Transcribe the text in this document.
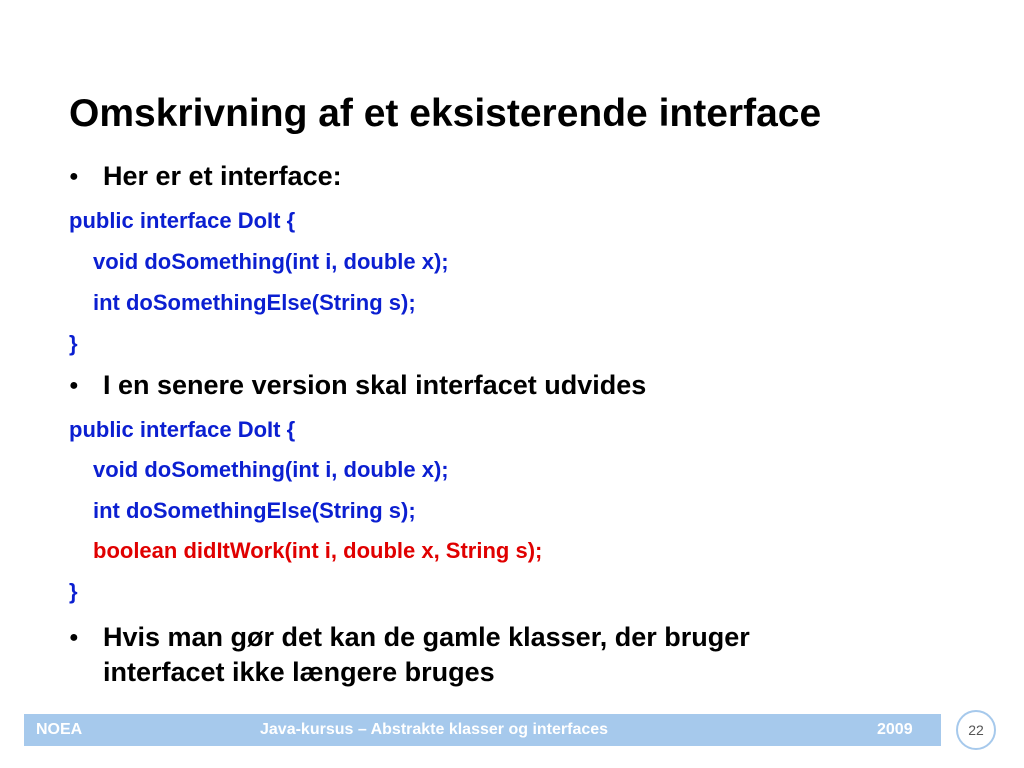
Omskrivning af et eksisterende interface
● Her er et interface:
public interface DoIt {
void doSomething(int i, double x);
int doSomethingElse(String s);
}
● I en senere version skal interfacet udvides
public interface DoIt {
void doSomething(int i, double x);
int doSomethingElse(String s);
boolean didItWork(int i, double x, String s);
}
● Hvis man gør det kan de gamle klasser, der bruger
interfacet ikke længere bruges
NOEA	Java-kursus – Abstrakte klasser og interfaces	2009	22
